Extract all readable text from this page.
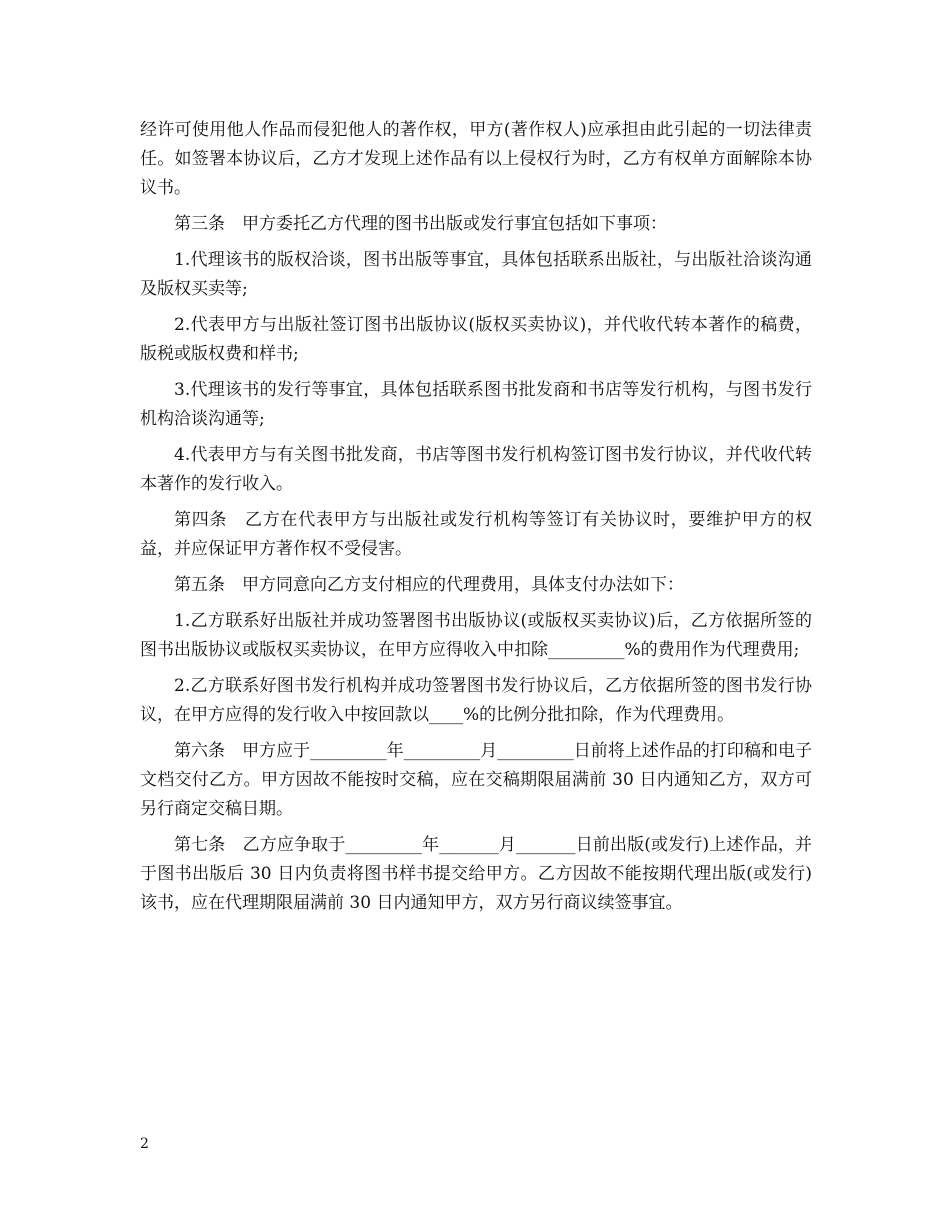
经许可使用他人作品而侵犯他人的著作权，甲方(著作权人)应承担由此引起的一切法律责任。如签署本协议后，乙方才发现上述作品有以上侵权行为时，乙方有权单方面解除本协议书。

第三条　甲方委托乙方代理的图书出版或发行事宜包括如下事项：

1.代理该书的版权洽谈，图书出版等事宜，具体包括联系出版社，与出版社洽谈沟通及版权买卖等;

2.代表甲方与出版社签订图书出版协议(版权买卖协议)，并代收代转本著作的稿费，版税或版权费和样书;

3.代理该书的发行等事宜，具体包括联系图书批发商和书店等发行机构，与图书发行机构洽谈沟通等;

4.代表甲方与有关图书批发商，书店等图书发行机构签订图书发行协议，并代收代转本著作的发行收入。

第四条　乙方在代表甲方与出版社或发行机构等签订有关协议时，要维护甲方的权益，并应保证甲方著作权不受侵害。

第五条　甲方同意向乙方支付相应的代理费用，具体支付办法如下：

1.乙方联系好出版社并成功签署图书出版协议(或版权买卖协议)后，乙方依据所签的图书出版协议或版权买卖协议，在甲方应得收入中扣除_________%的费用作为代理费用;

2.乙方联系好图书发行机构并成功签署图书发行协议后，乙方依据所签的图书发行协议，在甲方应得的发行收入中按回款以____%的比例分批扣除，作为代理费用。

第六条　甲方应于_________年_________月_________日前将上述作品的打印稿和电子文档交付乙方。甲方因故不能按时交稿，应在交稿期限届满前 30 日内通知乙方，双方可另行商定交稿日期。

第七条　乙方应争取于_________年_______月_______日前出版(或发行)上述作品，并于图书出版后 30 日内负责将图书样书提交给甲方。乙方因故不能按期代理出版(或发行)该书，应在代理期限届满前 30 日内通知甲方，双方另行商议续签事宜。

2
